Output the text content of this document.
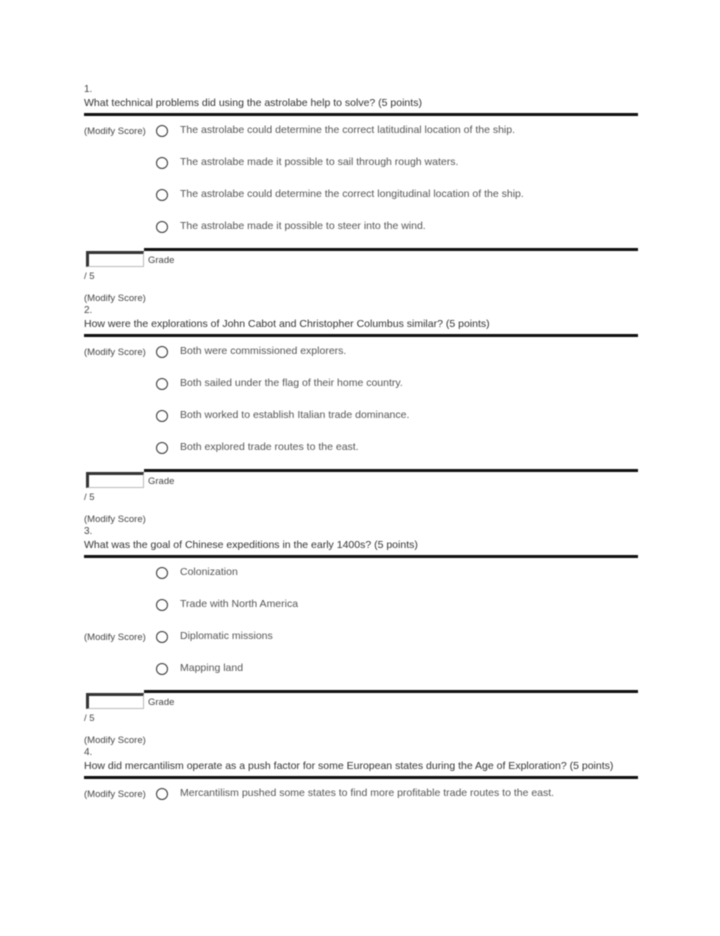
1.
What technical problems did using the astrolabe help to solve? (5 points)
(Modify Score)	The astrolabe could determine the correct latitudinal location of the ship.
The astrolabe made it possible to sail through rough waters.
The astrolabe could determine the correct longitudinal location of the ship.
The astrolabe made it possible to steer into the wind.
Grade
/ 5
(Modify Score)
2.
How were the explorations of John Cabot and Christopher Columbus similar? (5 points)
(Modify Score)	Both were commissioned explorers.
Both sailed under the flag of their home country.
Both worked to establish Italian trade dominance.
Both explored trade routes to the east.
Grade
/ 5
(Modify Score)
3.
What was the goal of Chinese expeditions in the early 1400s? (5 points)
(Modify Score)
Colonization
Trade with North America
Diplomatic missions
Mapping land
Grade
/ 5
(Modify Score)
4.
How did mercantilism operate as a push factor for some European states during the Age of Exploration? (5 points)
(Modify Score)	Mercantilism pushed some states to find more profitable trade routes to the east.
